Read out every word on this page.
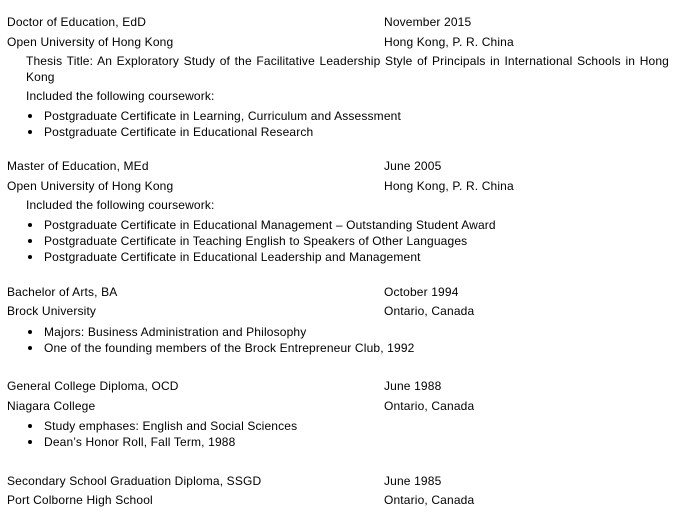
Doctor of Education, EdD	November 2015
Open University of Hong Kong	Hong Kong, P. R. China
Thesis Title: An Exploratory Study of the Facilitative Leadership Style of Principals in International Schools in Hong Kong
Included the following coursework:
Postgraduate Certificate in Learning, Curriculum and Assessment
Postgraduate Certificate in Educational Research
Master of Education, MEd	June 2005
Open University of Hong Kong	Hong Kong, P. R. China
Included the following coursework:
Postgraduate Certificate in Educational Management – Outstanding Student Award
Postgraduate Certificate in Teaching English to Speakers of Other Languages
Postgraduate Certificate in Educational Leadership and Management
Bachelor of Arts, BA	October 1994
Brock University	Ontario, Canada
Majors: Business Administration and Philosophy
One of the founding members of the Brock Entrepreneur Club, 1992
General College Diploma, OCD	June 1988
Niagara College	Ontario, Canada
Study emphases: English and Social Sciences
Dean’s Honor Roll, Fall Term, 1988
Secondary School Graduation Diploma, SSGD	June 1985
Port Colborne High School	Ontario, Canada
